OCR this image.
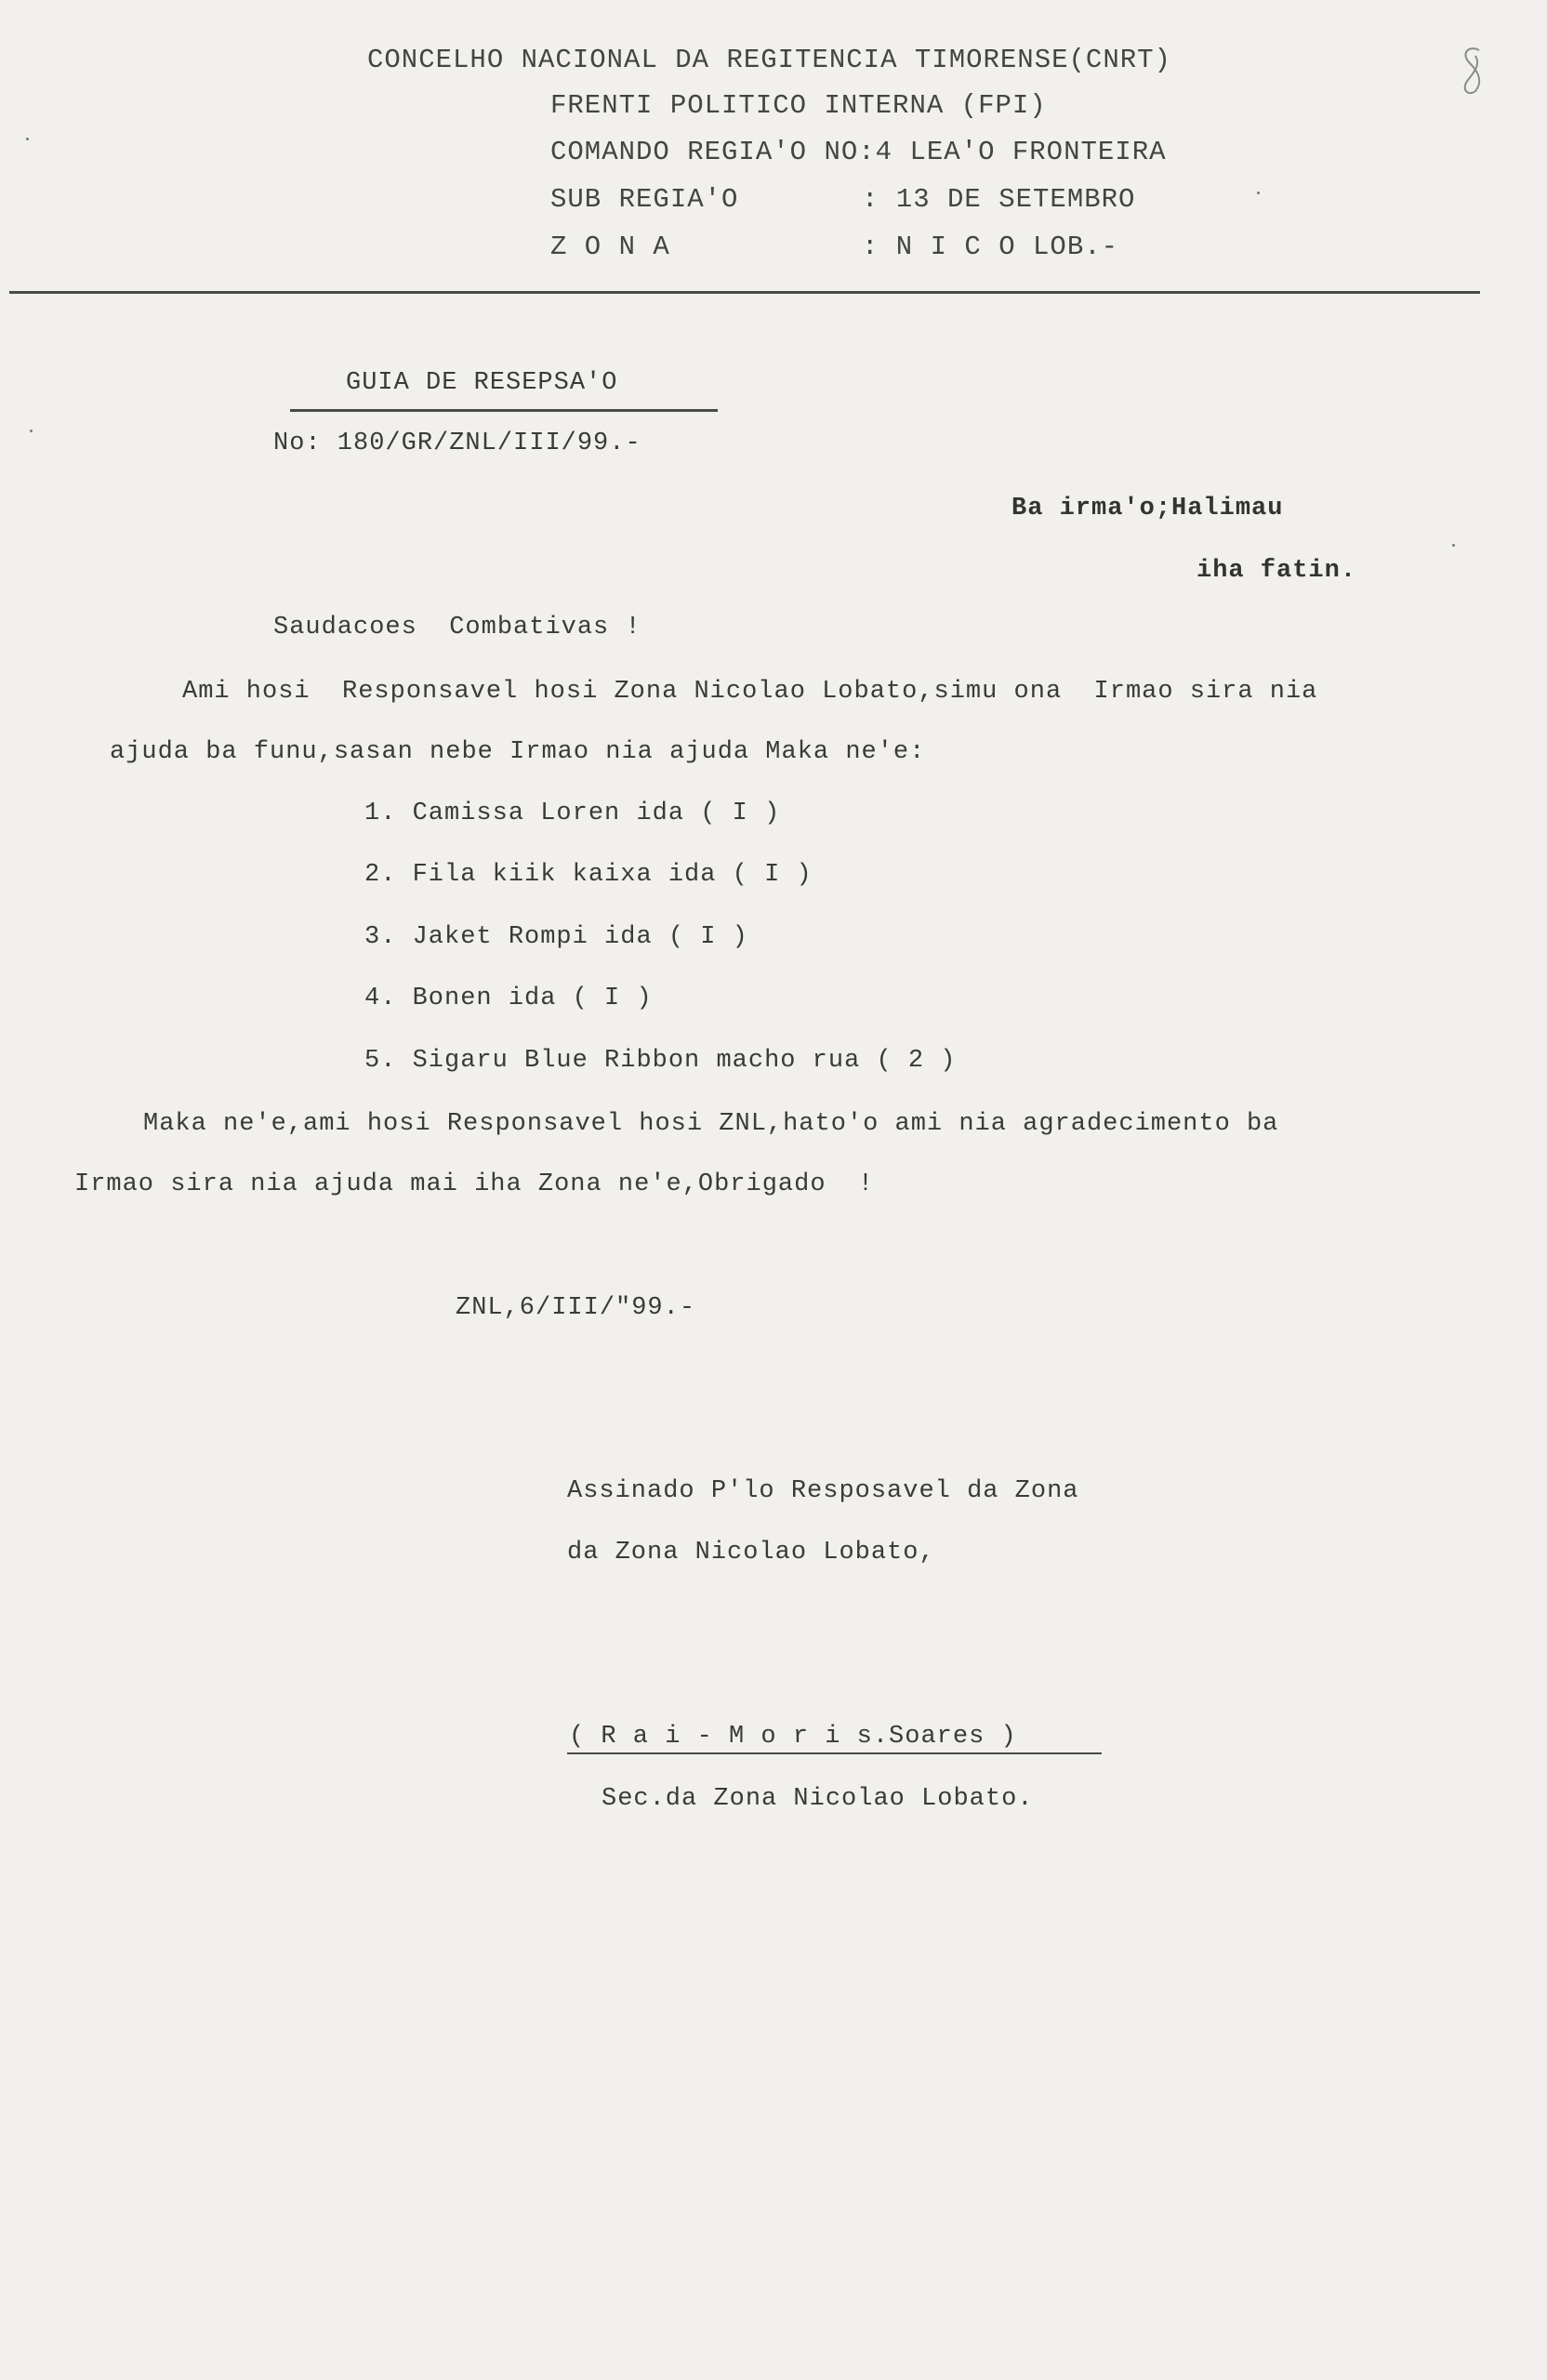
CONCELHO NACIONAL DA REGITENCIA TIMORENSE(CNRT)
FRENTI POLITICO INTERNA (FPI)
COMANDO REGIA'O NO:4 LEA'O FRONTEIRA
SUB REGIA'O	: 13 DE SETEMBRO
Z O N A	: N I C O LOB.-
GUIA DE RESEPSA'O
No: 180/GR/ZNL/III/99.-
Ba irma'o;Halimau
iha fatin.
Saudacoes  Combativas !
Ami hosi  Responsavel hosi Zona Nicolao Lobato,simu ona  Irmao sira nia
ajuda ba funu,sasan nebe Irmao nia ajuda Maka ne'e:
1. Camissa Loren ida ( I )
2. Fila kiik kaixa ida ( I )
3. Jaket Rompi ida ( I )
4. Bonen ida ( I )
5. Sigaru Blue Ribbon macho rua ( 2 )
Maka ne'e,ami hosi Responsavel hosi ZNL,hato'o ami nia agradecimento ba
Irmao sira nia ajuda mai iha Zona ne'e,Obrigado  !
ZNL,6/III/"99.-
Assinado P'lo Resposavel da Zona
da Zona Nicolao Lobato,
( R a i - M o r i s.Soares )
Sec.da Zona Nicolao Lobato.
